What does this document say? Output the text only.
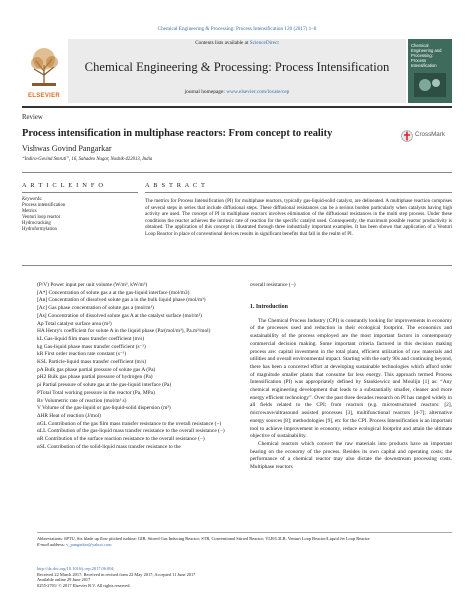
Chemical Engineering & Processing: Process Intensification 120 (2017) 1–8
Contents lists available at ScienceDirect
Chemical Engineering & Processing: Process Intensification
journal homepage: www.elsevier.com/locate/cep
ELSEVIER
Chemical Engineering and Processing: Process Intensification
Review
Process intensification in multiphase reactors: From concept to reality
Vishwas Govind Pangarkar
“Indira-Govind Smruti”, 16, Sahadeo Nagar, Nashik-422013, India
CrossMark
A R T I C L E I N F O	A B S T R A C T
Keywords:
Process intensification
Metrics
Venturi loop reactor
Hydrocracking
Hydroformylation
The metrics for Process Intensification (PI) for multiphase reactors, typically gas-liquid-solid catalyst, are delineated. A multiphase reaction comprises of several steps in series that include diffusional steps. These diffusional resistances can be a serious burden particularly when catalysts having high activity are used. The concept of PI in multiphase reactors involves elimination of the diffusional resistances in the multi step process. Under these conditions the reactor achieves the intrinsic rate of reaction for the specific catalyst used. Consequently, the maximum possible reactor productivity is obtained. The application of this concept is illustrated through three industrially important examples. It has been shown that application of a Venturi Loop Reactor in place of conventional devices results in significant benefits that fall in the realm of PI.
(P/V) Power input per unit volume (W/m³, kW/m³)
[A*] Concentration of solute gas a at the gas-liquid interface (mol/m3)
[Aв] Concentration of dissolved solute gas a in the bulk liquid phase (mol/m³)
[Aс] Gas phase concentration of solute gas a (mol/m³)
[As] Concentration of dissolved solute gas A at the catalyst surface (mol/m³)
Ap Total catalyst surface area (m²)
HA Henry's coefficient for solute A in the liquid phase (Pa/(mol/m³), Pa.m³/mol)
kL Gas-liquid film mass transfer coefficient (m/s)
kg Gas-liquid phase mass transfer coefficient (s⁻¹)
kR First order reaction rate constant (s⁻¹)
KSL Particle-liquid mass transfer coefficient (m/s)
pA Bulk gas phase partial pressure of solute gas A (Pa)
pH2 Bulk gas phase partial pressure of hydrogen (Pa)
pi Partial pressure of solute gas at the gas-liquid interface (Pa)
PTotal Total working pressure in the reactor (Pa, MPa)
Rv Volumetric rate of reaction (mol/m³ s)
V Volume of the gas-liquid or gas-liquid-solid dispersion (m³)
ΔHR Heat of reaction (J/mol)
αGL Contribution of the gas film mass transfer resistance to the overall resistance (−)
αLL Contribution of the gas-liquid mass transfer resistance to the overall resistance (−)
αR Contribution of the surface reaction resistance to the overall resistance (−)
αSL Contribution of the solid-liquid mass transfer resistance to the
overall resistance (−)
1. Introduction

The Chemical Process Industry (CPI) is constantly looking for improvements in economy of the processes used and reduction in their ecological footprint. The economics and sustainability of the process employed are the most important factors in contemporary commercial decision making. Some important criteria factored in this decision making process are: capital investment in the total plant, efficient utilization of raw materials and utilities and overall environmental impact. Starting with the early 90s and continuing beyond, there has been a concerted effort at developing sustainable technologies which afford order of magnitude smaller plants that consume far less energy. This approach termed Process Intensification (PI) was appropriately defined by Stankiewicz and Moulijn [1] as: “Any chemical engineering development that leads to a substantially smaller, cleaner and more energy efficient technology”. Over the past three decades research on PI has ranged widely in all fields related to the CPI; from reactors (e.g. microstructured reactors: [2], microwave/ultrasound assisted processes [3], multifunctional reactors [4-7]; alternative energy sources [8]; methodologies [9], etc for the CPI. Process Intensification is an important tool to achieve improvement in economy, reduce ecological footprint and attain the ultimate objective of sustainability.

Chemical reactors which convert the raw materials into products have an important bearing on the economy of the process. Besides its own capital and operating costs; the performance of a chemical reactor may also dictate the downstream processing costs. Multiphase reactors

Abbreviations: 6PTU, Six blade up flow pitched turbine; GIB, Stirred Gas Inducing Reactor; STR, Conventional Stirred Reactor; VLR/L3LR, Venturi Loop Reactor/Liquid Jet Loop Reactor
E-mail address: v_pangarkar@yahoo.com
http://dx.doi.org/10.1016/j.cep.2017.06.004
Received 22 March 2017; Received in revised form 22 May 2017; Accepted 11 June 2017
Available online 29 June 2017
0255-2701/ © 2017 Elsevier B.V. All rights reserved.
